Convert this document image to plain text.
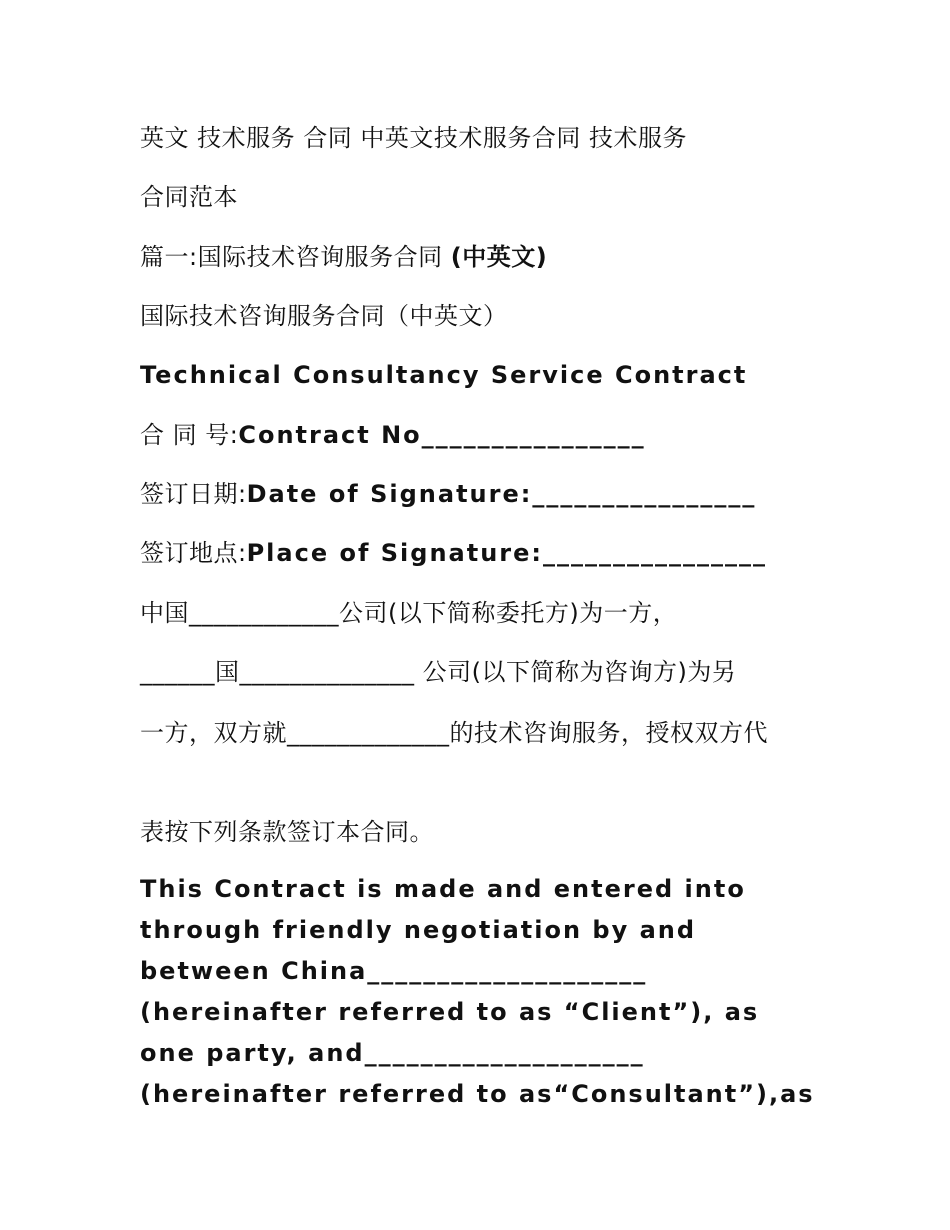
英文 技术服务 合同 中英文技术服务合同 技术服务
合同范本
篇一:国际技术咨询服务合同 (中英文)
国际技术咨询服务合同（中英文）
Technical Consultancy Service Contract
合 同 号:Contract No________________
签订日期:Date of Signature:________________
签订地点:Place of Signature:________________
中国____________公司(以下简称委托方)为一方，
______国______________ 公司(以下简称为咨询方)为另
一方，双方就_____________的技术咨询服务，授权双方代
表按下列条款签订本合同。
This Contract is made and entered into
through friendly negotiation by and
between China____________________
(hereinafter referred to as “Client”), as
one party, and____________________
(hereinafter referred to as“Consultant”),as
